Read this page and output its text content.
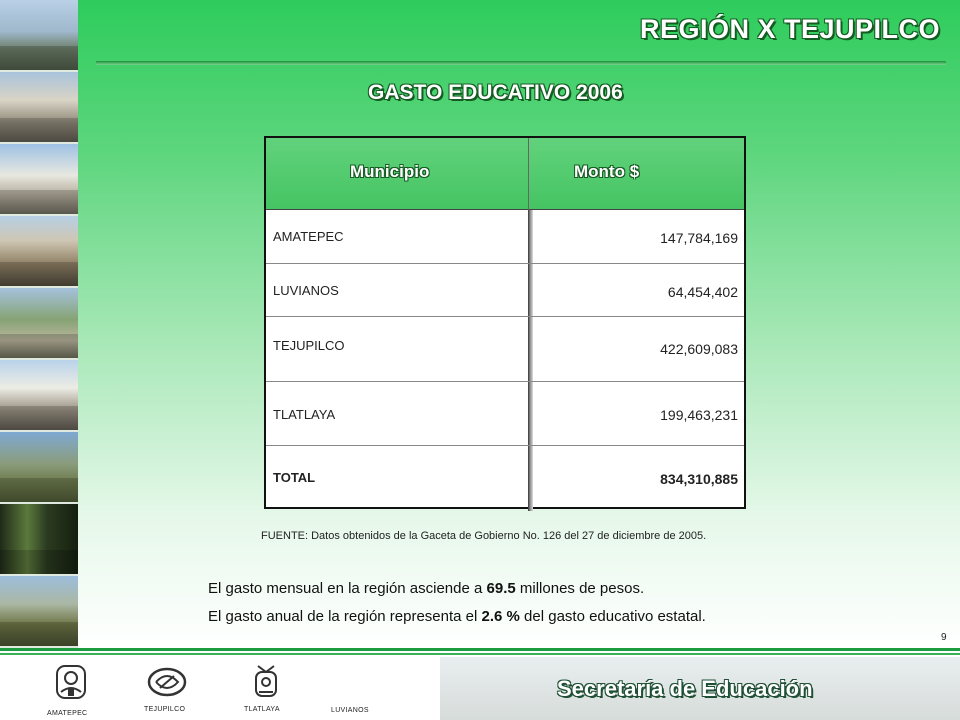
REGIÓN X TEJUPILCO
GASTO EDUCATIVO 2006
Municipio	Monto $
AMATEPEC	147,784,169
LUVIANOS	64,454,402
TEJUPILCO	422,609,083
TLATLAYA	199,463,231
TOTAL	834,310,885
FUENTE: Datos obtenidos de la Gaceta de Gobierno No. 126 del 27 de diciembre de 2005.
El gasto mensual en la región asciende a 69.5 millones de pesos.
El gasto anual de la región representa el 2.6 % del gasto educativo estatal.
9
Secretaría de Educación
AMATEPEC
TEJUPILCO	TLATLAYA	LUVIANOS
